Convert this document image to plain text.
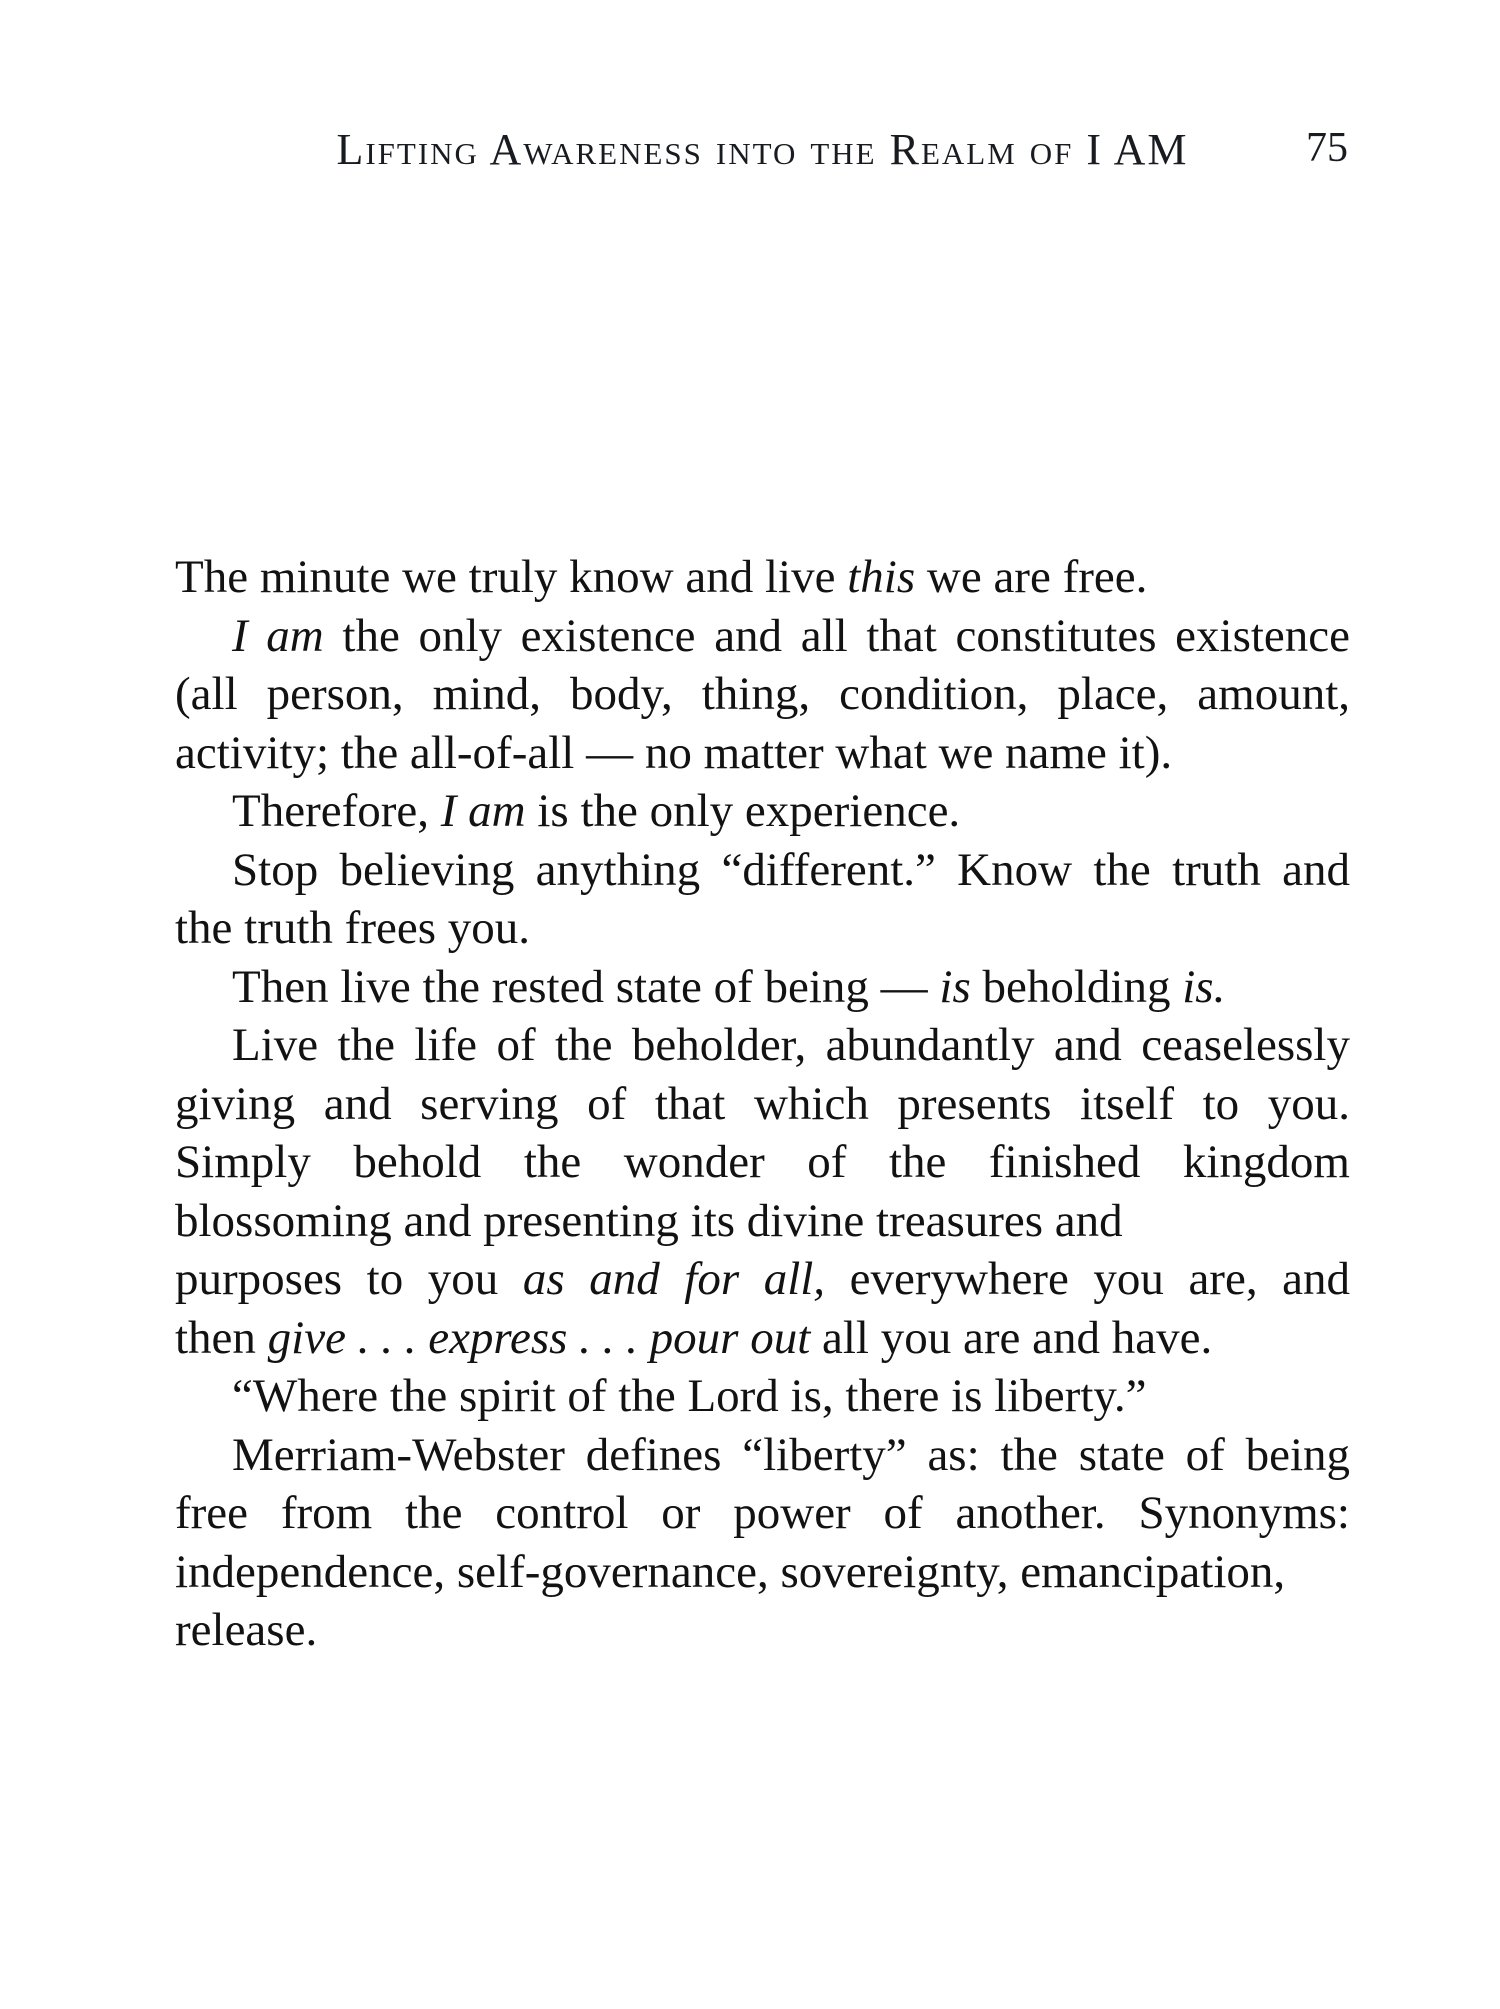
Lifting Awareness into the Realm of I AM	75
The minute we truly know and live this we are free.
I am the only existence and all that constitutes existence
(all person, mind, body, thing, condition, place, amount,
activity; the all-of-all — no matter what we name it).
Therefore, I am is the only experience.
Stop believing anything “different.” Know the truth and
the truth frees you.
Then live the rested state of being — is beholding is.
Live the life of the beholder, abundantly and ceaselessly
giving and serving of that which presents itself to you.
Simply behold the wonder of the finished kingdom
blossoming and presenting its divine treasures and
purposes to you as and for all, everywhere you are, and
then give . . . express . . . pour out all you are and have.
“Where the spirit of the Lord is, there is liberty.”
Merriam-Webster defines “liberty” as: the state of being
free from the control or power of another. Synonyms:
independence, self-governance, sovereignty, emancipation,
release.
